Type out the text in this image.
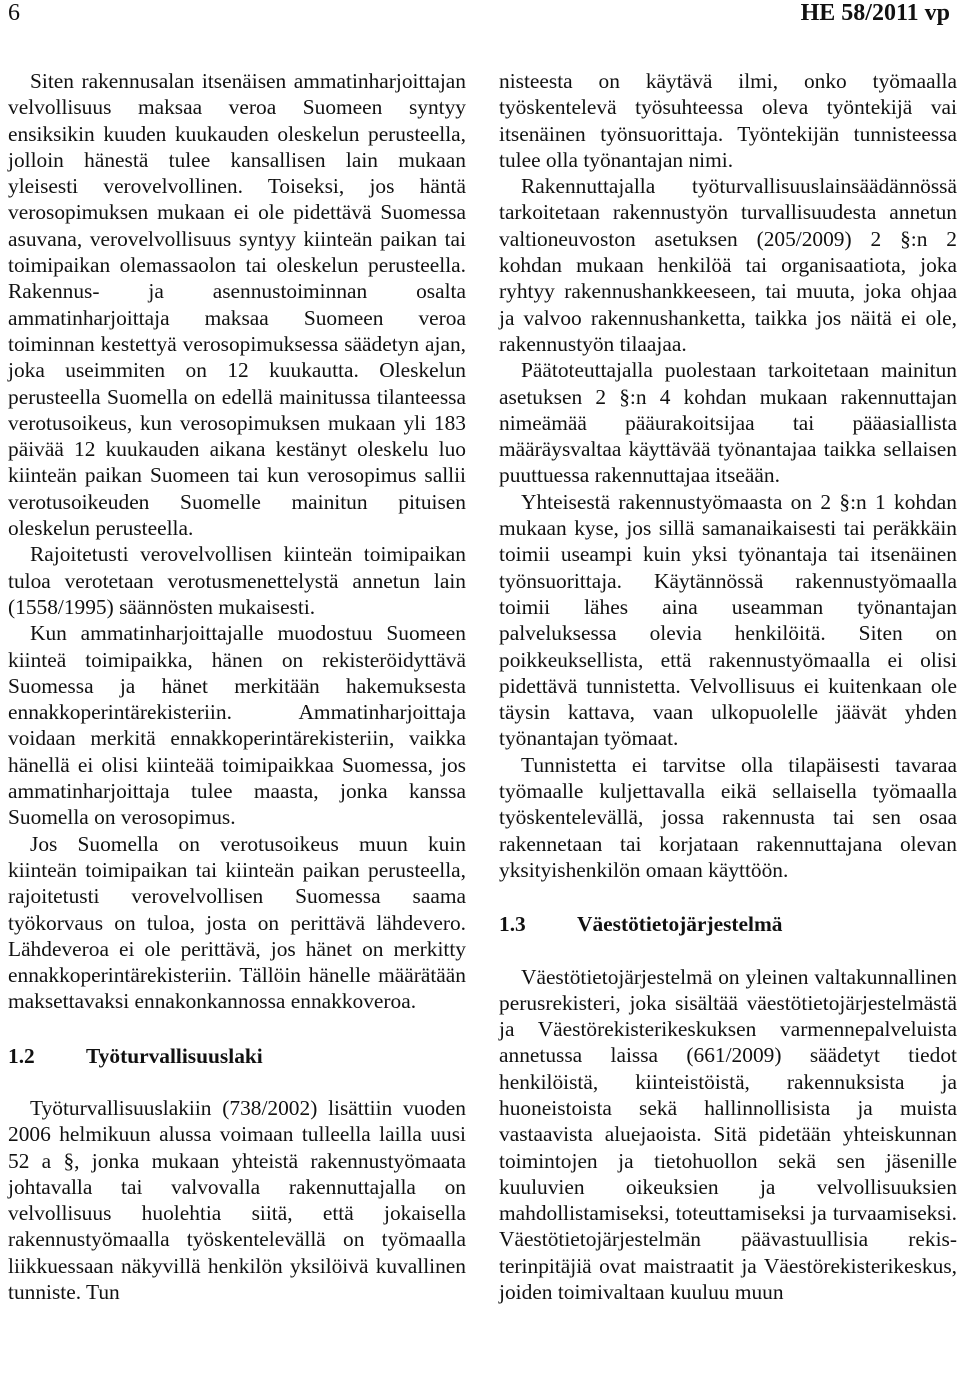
6	HE 58/2011 vp

Siten rakennusalan itsenäisen ammatinharjoittajan velvollisuus maksaa veroa Suomeen syntyy ensiksikin kuuden kuukauden oleskelun perusteella, jolloin hänestä tulee kansallisen lain mukaan yleisesti verovelvollinen. Toiseksi, jos häntä verosopimuksen mukaan ei ole pidettävä Suomessa asuvana, verovelvollisuus syntyy kiinteän paikan tai toimipaikan olemassaolon tai oleskelun perusteella. Rakennus- ja asennustoiminnan osalta ammatinharjoittaja maksaa Suomeen veroa toiminnan kestettyä verosopimuksessa säädetyn ajan, joka useimmiten on 12 kuukautta. Oleskelun perusteella Suomella on edellä mainitussa tilanteessa verotusoikeus, kun verosopimuksen mukaan yli 183 päivää 12 kuukauden aikana kestänyt oleskelu luo kiinteän paikan Suomeen tai kun verosopimus sallii verotusoikeuden Suomelle mainitun pituisen oleskelun perusteella.

Rajoitetusti verovelvollisen kiinteän toimipaikan tuloa verotetaan verotusmenettelystä annetun lain (1558/1995) säännösten mukaisesti.

Kun ammatinharjoittajalle muodostuu Suomeen kiinteä toimipaikka, hänen on rekisteröidyttävä Suomessa ja hänet merkitään hakemuksesta ennakkoperintärekisteriin. Ammatinharjoittaja voidaan merkitä ennakkoperintärekisteriin, vaikka hänellä ei olisi kiinteää toimipaikkaa Suomessa, jos ammatinharjoittaja tulee maasta, jonka kanssa Suomella on verosopimus.

Jos Suomella on verotusoikeus muun kuin kiinteän toimipaikan tai kiinteän paikan perusteella, rajoitetusti verovelvollisen Suomessa saama työkorvaus on tuloa, josta on perittävä lähdevero. Lähdeveroa ei ole perittävä, jos hänet on merkitty ennakkoperintärekisteriin. Tällöin hänelle määrätään maksettavaksi ennakonkannossa ennakkoveroa.

1.2	Työturvallisuuslaki

Työturvallisuuslakiin (738/2002) lisättiin vuoden 2006 helmikuun alussa voimaan tulleella lailla uusi 52 a §, jonka mukaan yhteistä rakennustyömaata johtavalla tai valvovalla rakennuttajalla on velvollisuus huolehtia siitä, että jokaisella rakennustyömaalla työskentelevällä on työmaalla liikkuessaan näkyvillä henkilön yksilöivä kuvallinen tunniste. Tun

nisteesta on käytävä ilmi, onko työmaalla työskentelevä työsuhteessa oleva työntekijä vai itsenäinen työnsuorittaja. Työntekijän tunnisteessa tulee olla työnantajan nimi.

Rakennuttajalla työturvallisuuslainsäädännössä tarkoitetaan rakennustyön turvallisuudesta annetun valtioneuvoston asetuksen (205/2009) 2 §:n 2 kohdan mukaan henkilöä tai organisaatiota, joka ryhtyy rakennushankkeeseen, tai muuta, joka ohjaa ja valvoo rakennushanketta, taikka jos näitä ei ole, rakennustyön tilaajaa.

Päätoteuttajalla puolestaan tarkoitetaan mainitun asetuksen 2 §:n 4 kohdan mukaan rakennuttajan nimeämää pääurakoitsijaa tai pääasiallista määräysvaltaa käyttävää työnantajaa taikka sellaisen puuttuessa rakennuttajaa itseään.

Yhteisestä rakennustyömaasta on 2 §:n 1 kohdan mukaan kyse, jos sillä samanaikaisesti tai peräkkäin toimii useampi kuin yksi työnantaja tai itsenäinen työnsuorittaja. Käytännössä rakennustyömaalla toimii lähes aina useamman työnantajan palveluksessa olevia henkilöitä. Siten on poikkeuksellista, että rakennustyömaalla ei olisi pidettävä tunnistetta. Velvollisuus ei kuitenkaan ole täysin kattava, vaan ulkopuolelle jäävät yhden työnantajan työmaat.

Tunnistetta ei tarvitse olla tilapäisesti tavaraa työmaalle kuljettavalla eikä sellaisella työmaalla työskentelevällä, jossa rakennusta tai sen osaa rakennetaan tai korjataan rakennuttajana olevan yksityishenkilön omaan käyttöön.

1.3	Väestötietojärjestelmä

Väestötietojärjestelmä on yleinen valtakunnallinen perusrekisteri, joka sisältää väestötietojärjestelmästä ja Väestörekisterikeskuksen varmennepalveluista annetussa laissa (661/2009) säädetyt tiedot henkilöistä, kiinteistöistä, rakennuksista ja huoneistoista sekä hallinnollisista ja muista vastaavista aluejaoista. Sitä pidetään yhteiskunnan toimintojen ja tietohuollon sekä sen jäsenille kuuluvien oikeuksien ja velvollisuuksien mahdollistamiseksi, toteuttamiseksi ja turvaamiseksi. Väestötietojärjestelmän päävastuullisia rekisterinpitäjiä ovat maistraatit ja Väestörekisterikeskus, joiden toimivaltaan kuuluu muun
